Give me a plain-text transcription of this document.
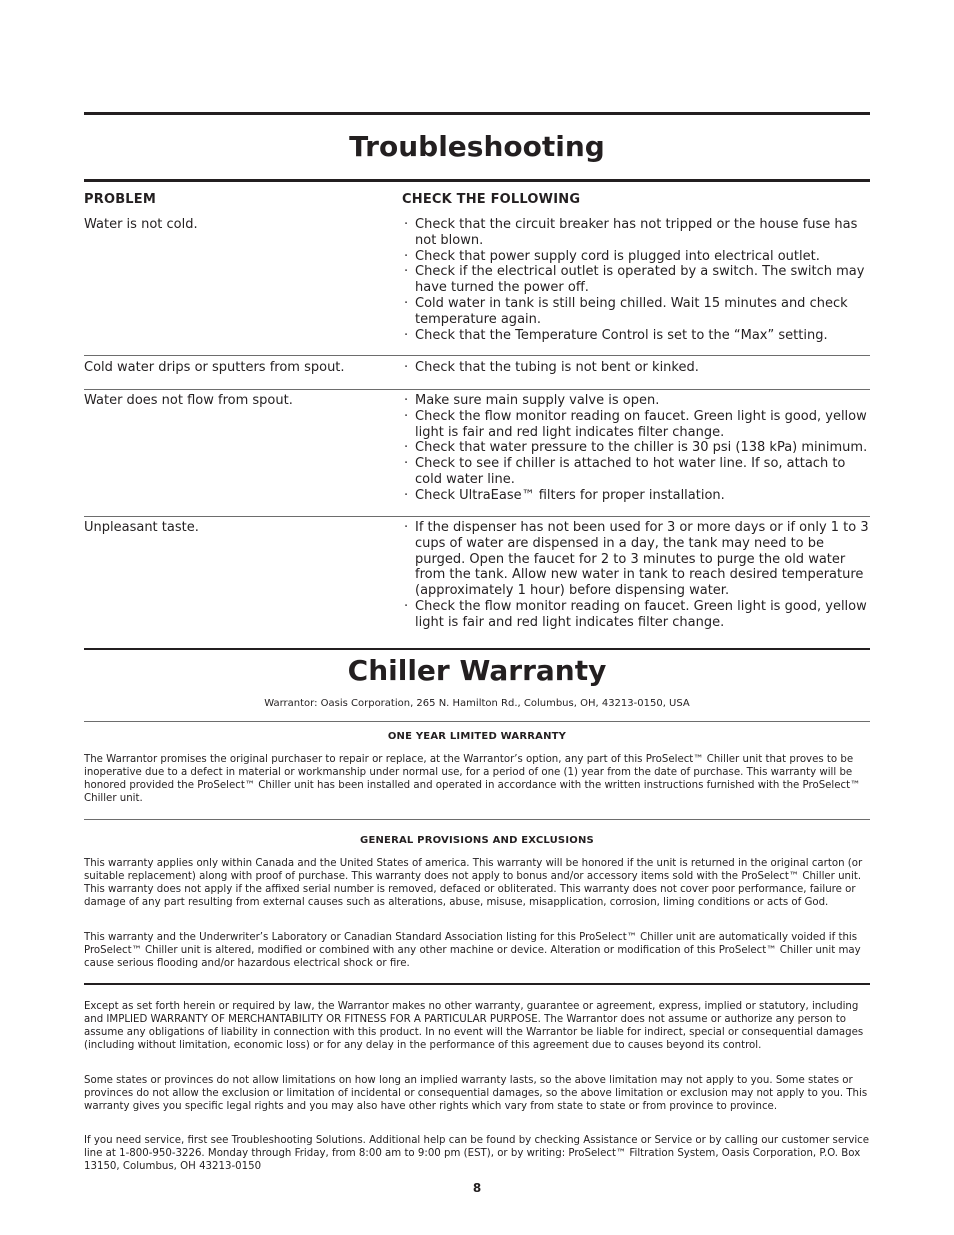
Troubleshooting
PROBLEM	CHECK THE FOLLOWING
Water is not cold.	· Check that the circuit breaker has not tripped or the house fuse has not blown.
· Check that power supply cord is plugged into electrical outlet.
· Check if the electrical outlet is operated by a switch. The switch may have turned the power off.
· Cold water in tank is still being chilled. Wait 15 minutes and check temperature again.
· Check that the Temperature Control is set to the “Max” setting.
Cold water drips or sputters from spout.	· Check that the tubing is not bent or kinked.
Water does not flow from spout.	· Make sure main supply valve is open.
· Check the flow monitor reading on faucet. Green light is good, yellow light is fair and red light indicates filter change.
· Check that water pressure to the chiller is 30 psi (138 kPa) minimum.
· Check to see if chiller is attached to hot water line. If so, attach to cold water line.
· Check UltraEase™ filters for proper installation.
Unpleasant taste.	· If the dispenser has not been used for 3 or more days or if only 1 to 3 cups of water are dispensed in a day, the tank may need to be purged. Open the faucet for 2 to 3 minutes to purge the old water from the tank. Allow new water in tank to reach desired temperature (approximately 1 hour) before dispensing water.
· Check the flow monitor reading on faucet. Green light is good, yellow light is fair and red light indicates filter change.
Chiller Warranty
Warrantor: Oasis Corporation, 265 N. Hamilton Rd., Columbus, OH, 43213-0150, USA
ONE YEAR LIMITED WARRANTY

The Warrantor promises the original purchaser to repair or replace, at the Warrantor’s option, any part of this ProSelect™ Chiller unit that proves to be inoperative due to a defect in material or workmanship under normal use, for a period of one (1) year from the date of purchase. This warranty will be honored provided the ProSelect™ Chiller unit has been installed and operated in accordance with the written instructions furnished with the ProSelect™ Chiller unit.

GENERAL PROVISIONS AND EXCLUSIONS

This warranty applies only within Canada and the United States of america. This warranty will be honored if the unit is returned in the original carton (or suitable replacement) along with proof of purchase. This warranty does not apply to bonus and/or accessory items sold with the ProSelect™ Chiller unit. This warranty does not apply if the affixed serial number is removed, defaced or obliterated. This warranty does not cover poor performance, failure or damage of any part resulting from external causes such as alterations, abuse, misuse, misapplication, corrosion, liming conditions or acts of God.

This warranty and the Underwriter’s Laboratory or Canadian Standard Association listing for this ProSelect™ Chiller unit are automatically voided if this ProSelect™ Chiller unit is altered, modified or combined with any other machine or device. Alteration or modification of this ProSelect™ Chiller unit may cause serious flooding and/or hazardous electrical shock or fire.

Except as set forth herein or required by law, the Warrantor makes no other warranty, guarantee or agreement, express, implied or statutory, including and IMPLIED WARRANTY OF MERCHANTABILITY OR FITNESS FOR A PARTICULAR PURPOSE. The Warrantor does not assume or authorize any person to assume any obligations of liability in connection with this product. In no event will the Warrantor be liable for indirect, special or consequential damages (including without limitation, economic loss) or for any delay in the performance of this agreement due to causes beyond its control.

Some states or provinces do not allow limitations on how long an implied warranty lasts, so the above limitation may not apply to you. Some states or provinces do not allow the exclusion or limitation of incidental or consequential damages, so the above limitation or exclusion may not apply to you. This warranty gives you specific legal rights and you may also have other rights which vary from state to state or from province to province.

If you need service, first see Troubleshooting Solutions. Additional help can be found by checking Assistance or Service or by calling our customer service line at 1-800-950-3226. Monday through Friday, from 8:00 am to 9:00 pm (EST), or by writing: ProSelect™ Filtration System, Oasis Corporation, P.O. Box 13150, Columbus, OH 43213-0150

8
